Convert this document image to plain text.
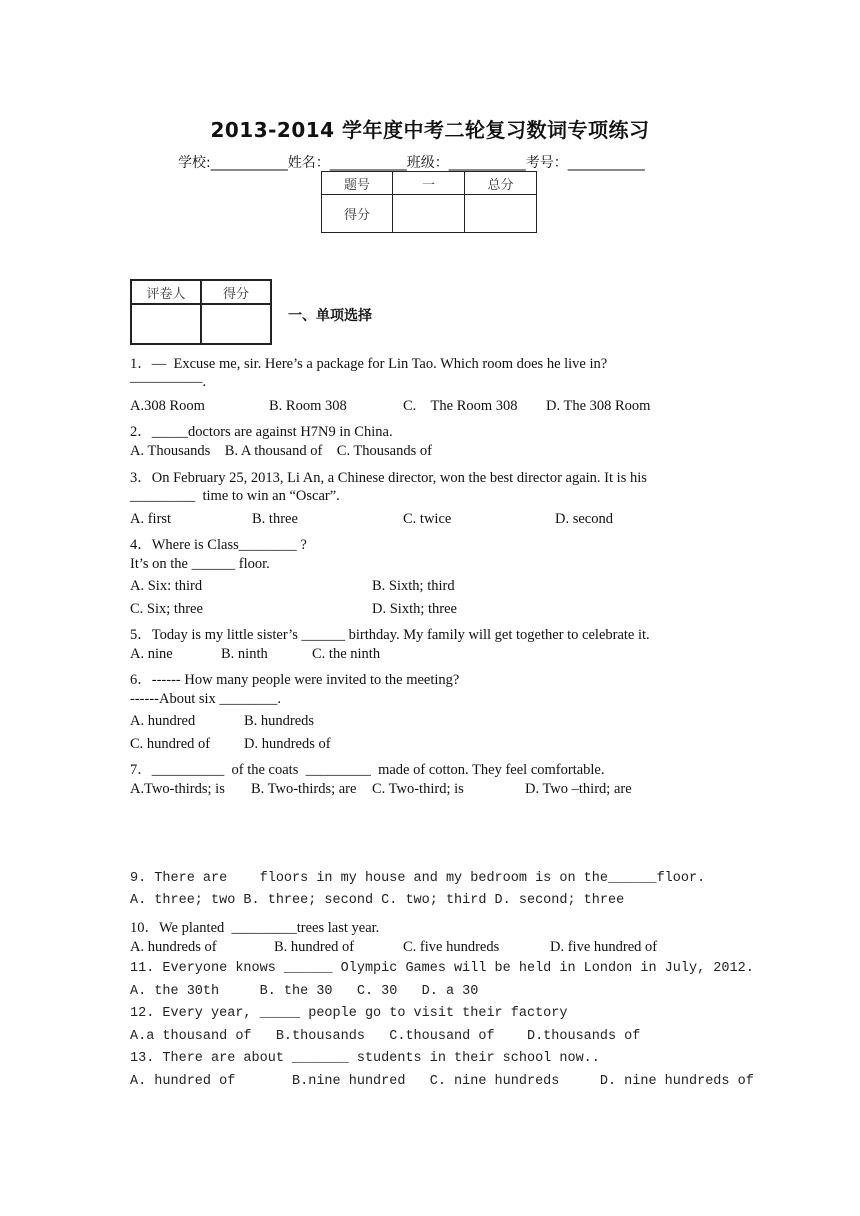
2013-2014 学年度中考二轮复习数词专项练习
学校:___________姓名：___________班级：___________考号：___________
题号	一	总分
得分		
评卷人	得分

一、单项选择
1．—  Excuse me, sir. Here’s a package for Lin Tao. Which room does he live in?
—————.
A.308 Room	B. Room 308	C.    The Room 308 D. The 308 Room
2．_____doctors are against H7N9 in China.
A. Thousands    B. A thousand of    C. Thousands of
3．On February 25, 2013, Li An, a Chinese director, won the best director again. It is his
_________  time to win an “Oscar”.
A. first	B. three	C. twice	D. second
4．Where is Class________ ?
It’s on the ______ floor.
A. Six: third	B. Sixth; third
C. Six; three	D. Sixth; three
5．Today is my little sister’s ______ birthday. My family will get together to celebrate it.
A. nine	B. ninth	C. the ninth
6．------ How many people were invited to the meeting?
------About six ________.
A. hundred	B. hundreds
C. hundred of D. hundreds of
7．__________  of the coats  _________  made of cotton. They feel comfortable.
A.Two-thirds; is B. Two-thirds; are C. Two-third; is	D. Two –third; are
9. There are    floors in my house and my bedroom is on the______floor.
A. three; two B. three; second C. two; third D. second; three
10．We planted  _________trees last year.
A. hundreds of	B. hundred of	C. five hundreds	D. five hundred of
11. Everyone knows ______ Olympic Games will be held in London in July, 2012.
A. the 30th     B. the 30   C. 30   D. a 30
12. Every year, _____ people go to visit their factory
A.a thousand of   B.thousands   C.thousand of    D.thousands of
13. There are about _______ students in their school now..
A. hundred of       B.nine hundred   C. nine hundreds     D. nine hundreds of
